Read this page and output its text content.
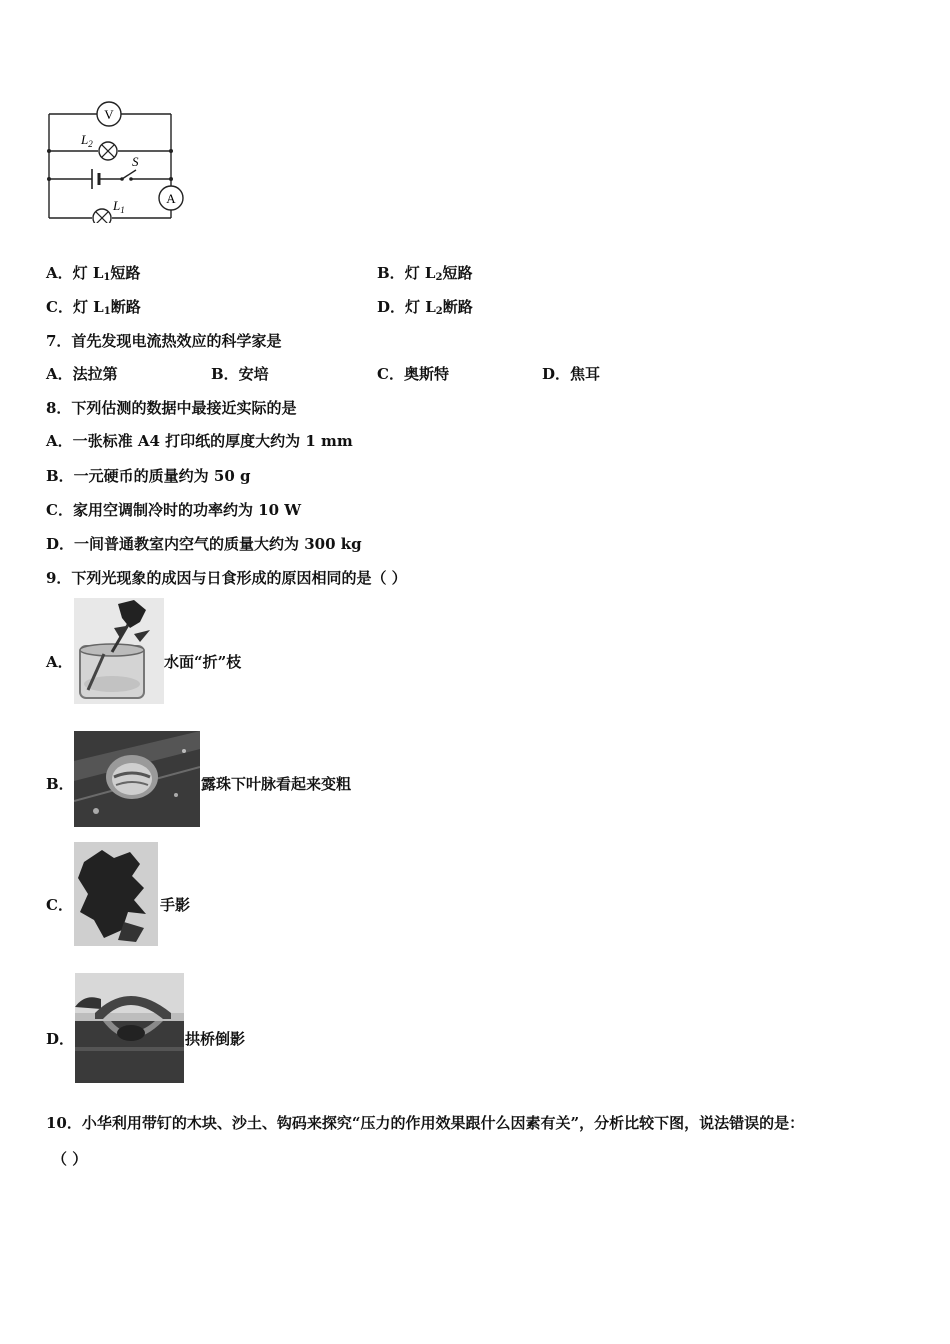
V
$L_2$
S
A
$L_1$
A．灯 $L_1$短路	B．灯 $L_2$短路
C．灯 $L_1$断路	D．灯 $L_2$断路
7．首先发现电流热效应的科学家是
A．法拉第	B．安培	C．奥斯特	D．焦耳
8．下列估测的数据中最接近实际的是
A．一张标准 A4 打印纸的厚度大约为 1 mm
B．一元硬币的质量约为 50 g
C．家用空调制冷时的功率约为 10 W
D．一间普通教室内空气的质量大约为 300 kg
9．下列光现象的成因与日食形成的原因相同的是（ ）
A．	水面“折”枝
B．	露珠下叶脉看起来变粗
C．	手影
D．	拱桥倒影
10．小华利用带钉的木块、沙土、钩码来探究“压力的作用效果跟什么因素有关”，分析比较下图，说法错误的是：
（ ）
